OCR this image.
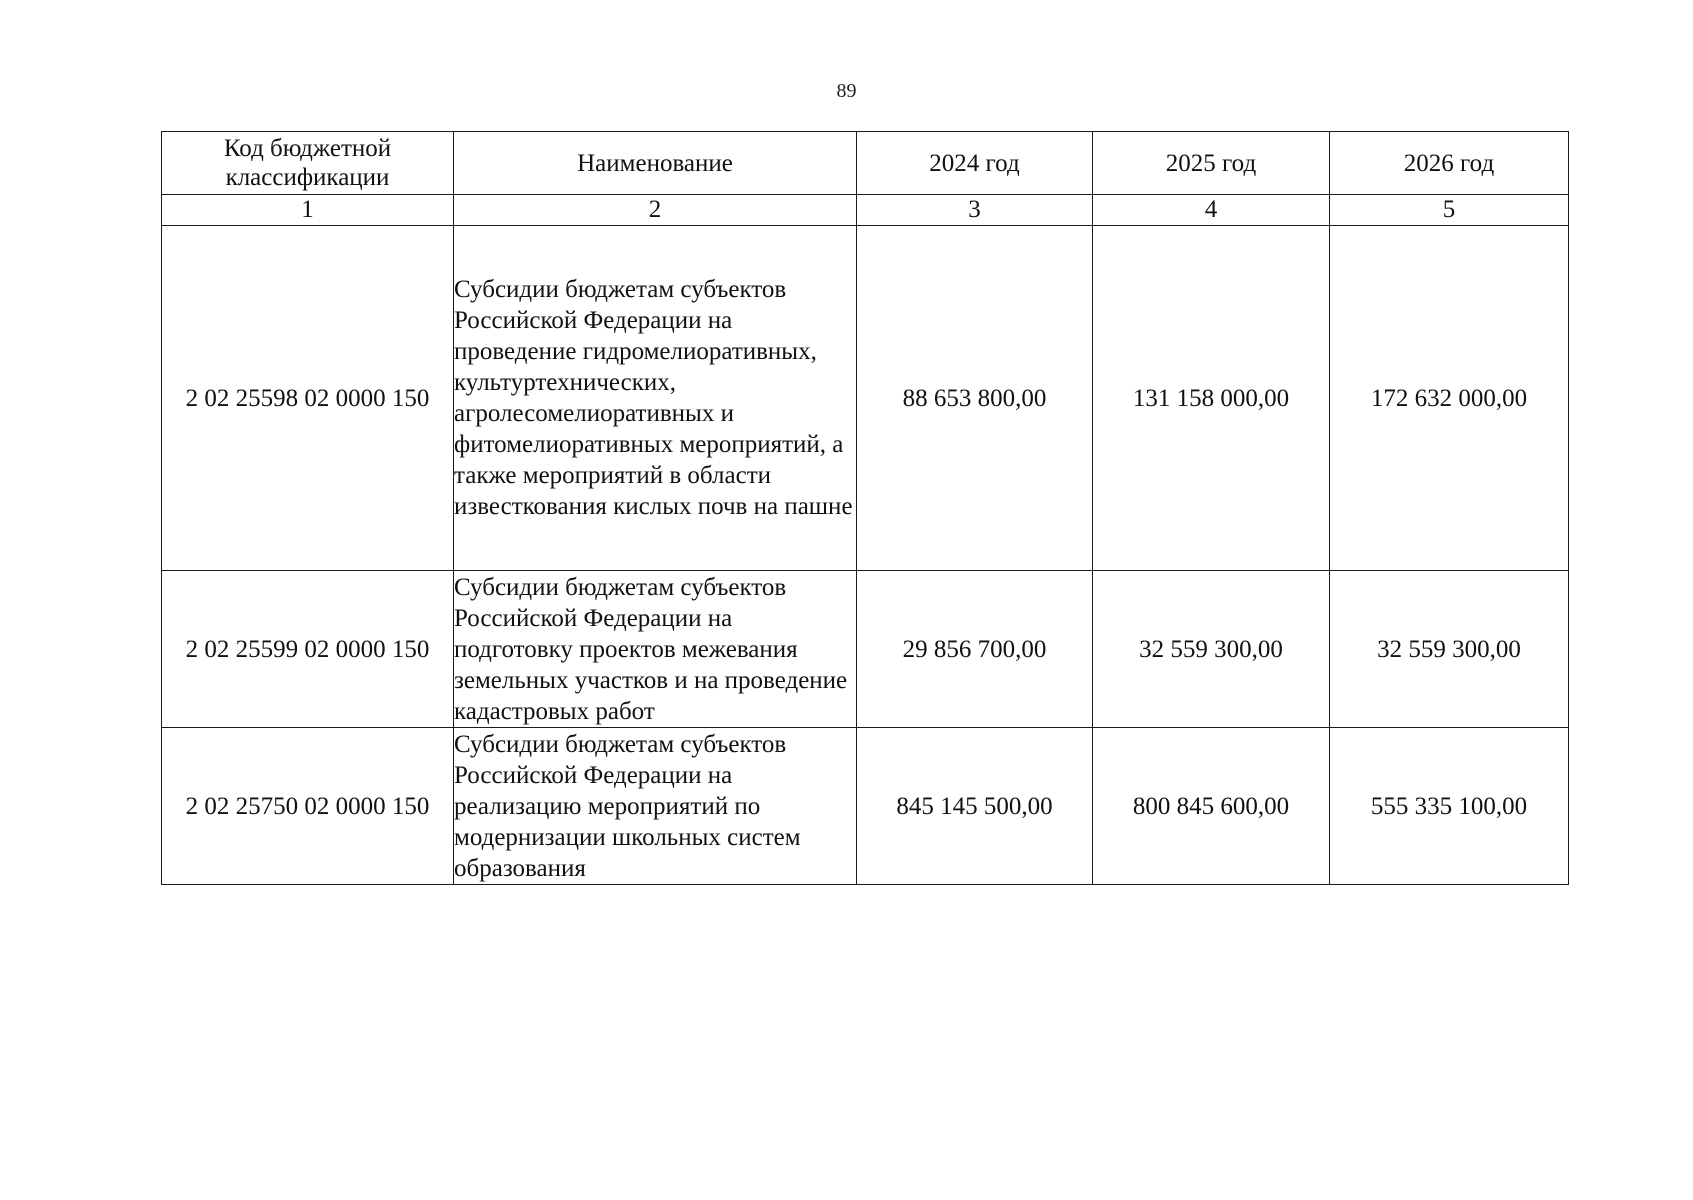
89
Код бюджетной классификации	Наименование	2024 год	2025 год	2026 год
1	2	3	4	5
2 02 25598 02 0000 150	Субсидии бюджетам субъектов Российской Федерации на проведение гидромелиоративных, культуртехнических, агролесомелиоративных и фитомелиоративных мероприятий, а также мероприятий в области известкования кислых почв на пашне	88 653 800,00	131 158 000,00	172 632 000,00
2 02 25599 02 0000 150	Субсидии бюджетам субъектов Российской Федерации на подготовку проектов межевания земельных участков и на проведение кадастровых работ	29 856 700,00	32 559 300,00	32 559 300,00
2 02 25750 02 0000 150	Субсидии бюджетам субъектов Российской Федерации на реализацию мероприятий по модернизации школьных систем образования	845 145 500,00	800 845 600,00	555 335 100,00
